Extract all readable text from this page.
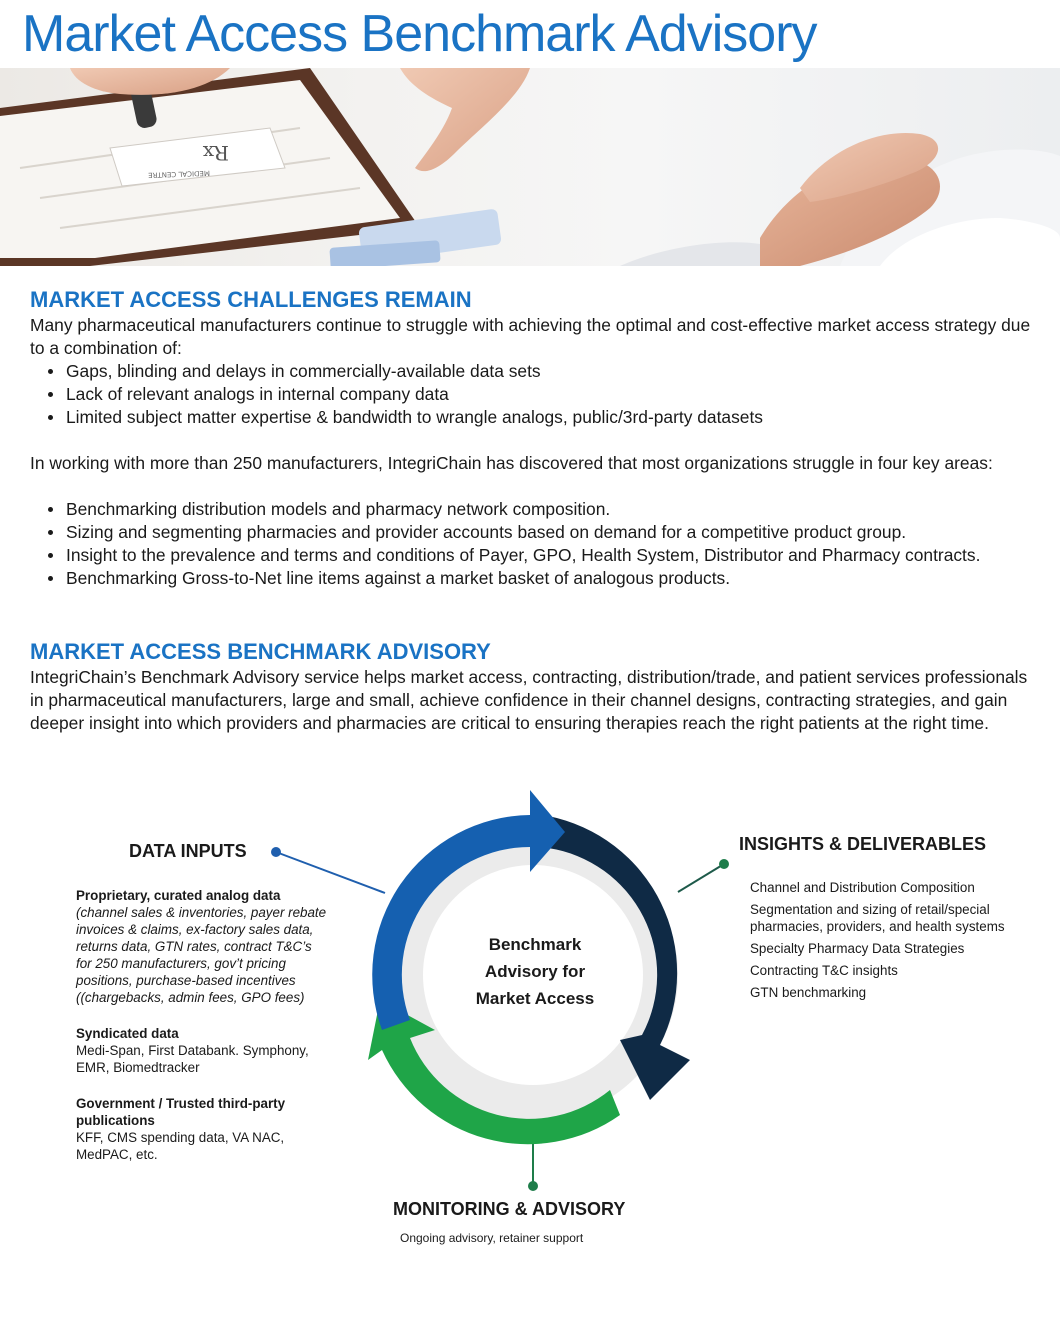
Market Access Benchmark Advisory
Rx
MEDICAL CENTRE
MARKET ACCESS CHALLENGES REMAIN
Many pharmaceutical manufacturers continue to struggle with achieving the optimal and cost-effective market access strategy due to a combination of:
Gaps, blinding and delays in commercially-available data sets
Lack of relevant analogs in internal company data
Limited subject matter expertise & bandwidth to wrangle analogs, public/3rd-party datasets
In working with more than 250 manufacturers, IntegriChain has discovered that most organizations struggle in four key areas:
Benchmarking distribution models and pharmacy network composition.
Sizing and segmenting pharmacies and provider accounts based on demand for a competitive product group.
Insight to the prevalence and terms and conditions of Payer, GPO, Health System, Distributor and Pharmacy contracts.
Benchmarking Gross-to-Net line items against a market basket of analogous products.
MARKET ACCESS BENCHMARK ADVISORY
IntegriChain’s Benchmark Advisory service helps market access, contracting, distribution/trade, and patient services professionals in pharmaceutical manufacturers, large and small, achieve confidence in their channel designs, contracting strategies, and gain deeper insight into which providers and pharmacies are critical to ensuring therapies reach the right patients at the right time.
Benchmark
Advisory for
Market Access
DATA INPUTS
Proprietary, curated analog data
(channel sales & inventories, payer rebate
invoices & claims, ex-factory sales data,
returns data, GTN rates, contract T&C’s
for 250 manufacturers, gov’t pricing
positions, purchase-based incentives
((chargebacks, admin fees, GPO fees)
Syndicated data
Medi-Span, First Databank. Symphony,
EMR, Biomedtracker
Government / Trusted third-party
publications
KFF, CMS spending data, VA NAC,
MedPAC, etc.
INSIGHTS & DELIVERABLES
Channel and Distribution Composition
Segmentation and sizing of retail/special pharmacies, providers, and health systems
Specialty Pharmacy Data Strategies
Contracting T&C insights
GTN benchmarking
MONITORING & ADVISORY
Ongoing advisory, retainer support
